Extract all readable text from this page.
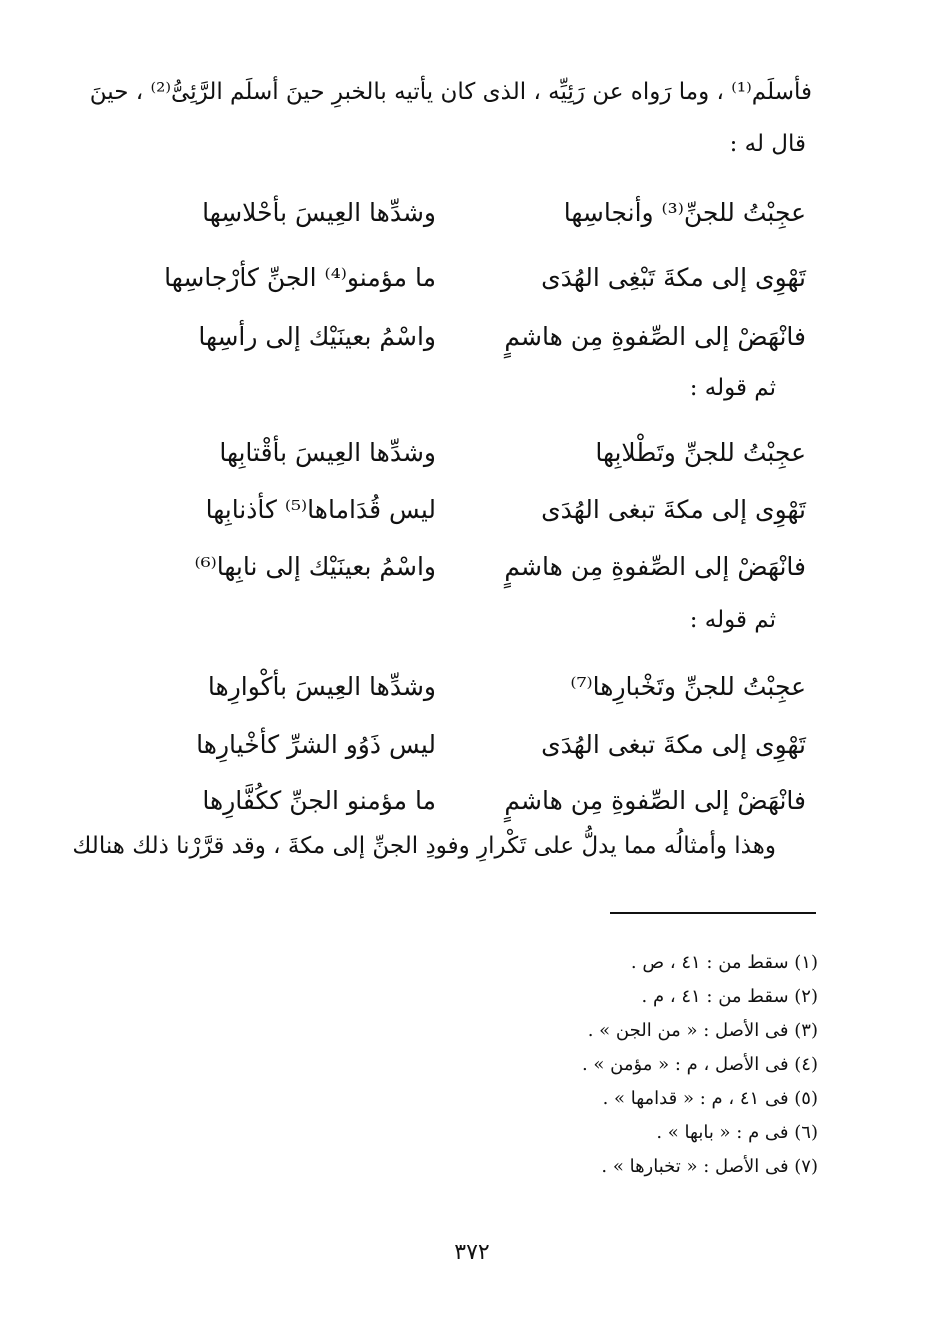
فأسلَم⁽¹⁾ ، وما رَواه عن رَئِيِّه ، الذى كان يأتيه بالخبرِ حينَ أسلَم الرَّئِىُّ⁽²⁾ ، حينَ
قال له :
عجِبْتُ للجنِّ⁽³⁾ وأنجاسِها
وشدِّها العِيسَ بأحْلاسِها
تَهْوِى إلى مكةَ تَبْغِى الهُدَى
ما مؤمنو⁽⁴⁾ الجنِّ كأرْجاسِها
فانْهَضْ إلى الصِّفوةِ مِن هاشمٍ
واسْمُ بعينَيْك إلى رأسِها
ثم قوله :
عجِبْتُ للجنِّ وتَطْلابِها
وشدِّها العِيسَ بأقْتابِها
تَهْوِى إلى مكةَ تبغى الهُدَى
ليس قُدَاماها⁽⁵⁾ كأذنابِها
فانْهَضْ إلى الصِّفوةِ مِن هاشمٍ
واسْمُ بعينَيْك إلى نابِها⁽⁶⁾
ثم قوله :
عجِبْتُ للجنِّ وتَخْبارِها⁽⁷⁾
وشدِّها العِيسَ بأكْوارِها
تَهْوِى إلى مكةَ تبغى الهُدَى
ليس ذَوُو الشرِّ كأخْيارِها
فانْهَضْ إلى الصِّفوةِ مِن هاشمٍ
ما مؤمنو الجنِّ ككُفَّارِها
وهذا وأمثالُه مما يدلُّ على تَكْرارِ وفودِ الجنِّ إلى مكةَ ، وقد قرَّرْنا ذلك هنالك
(١) سقط من : ٤١ ، ص .
(٢) سقط من : ٤١ ، م .
(٣) فى الأصل : « من الجن » .
(٤) فى الأصل ، م : « مؤمن » .
(٥) فى ٤١ ، م : « قدامها » .
(٦) فى م : « بابها » .
(٧) فى الأصل : « تخبارها » .
٣٧٢
